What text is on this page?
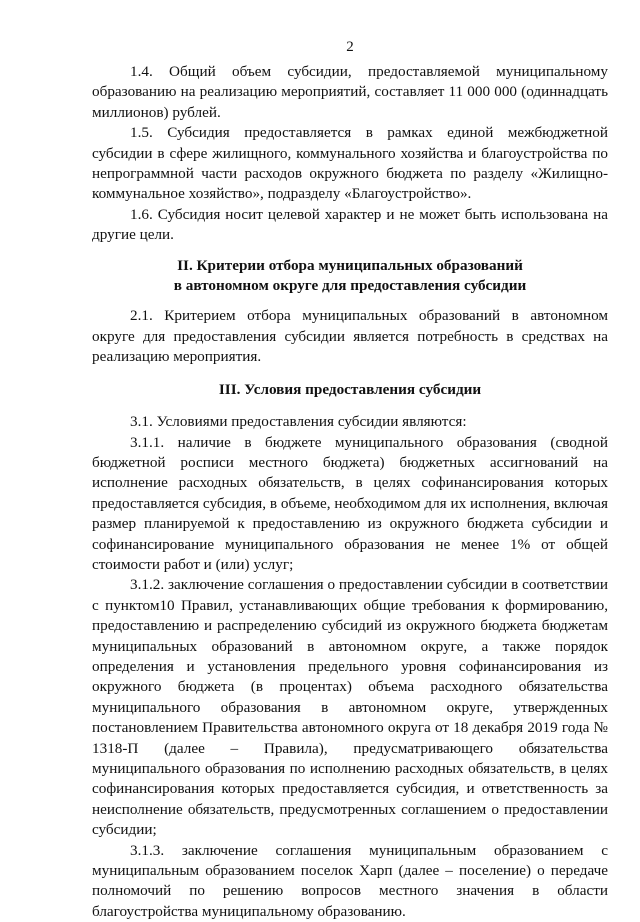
2

1.4. Общий объем субсидии, предоставляемой муниципальному образованию на реализацию мероприятий, составляет 11 000 000 (одиннадцать миллионов) рублей.

1.5. Субсидия предоставляется в рамках единой межбюджетной субсидии в сфере жилищного, коммунального хозяйства и благоустройства по непрограммной части расходов окружного бюджета по разделу «Жилищно-коммунальное хозяйство», подразделу «Благоустройство».

1.6. Субсидия носит целевой характер и не может быть использована на другие цели.

II. Критерии отбора муниципальных образований

в автономном округе для предоставления субсидии

2.1. Критерием отбора муниципальных образований в автономном округе для предоставления субсидии является потребность в средствах на реализацию мероприятия.

III. Условия предоставления субсидии

3.1. Условиями предоставления субсидии являются:

3.1.1. наличие в бюджете муниципального образования (сводной бюджетной росписи местного бюджета) бюджетных ассигнований на исполнение расходных обязательств, в целях софинансирования которых предоставляется субсидия, в объеме, необходимом для их исполнения, включая размер планируемой к предоставлению из окружного бюджета субсидии и софинансирование муниципального образования не менее 1% от общей стоимости работ и (или) услуг;

3.1.2. заключение соглашения о предоставлении субсидии в соответствии с пунктом10 Правил, устанавливающих общие требования к формированию, предоставлению и распределению субсидий из окружного бюджета бюджетам муниципальных образований в автономном округе, а также порядок определения и установления предельного уровня софинансирования из окружного бюджета (в процентах) объема расходного обязательства муниципального образования в автономном округе, утвержденных постановлением Правительства автономного округа от 18 декабря 2019 года № 1318-П (далее – Правила), предусматривающего обязательства муниципального образования по исполнению расходных обязательств, в целях софинансирования которых предоставляется субсидия, и ответственность за неисполнение обязательств, предусмотренных соглашением о предоставлении субсидии;

3.1.3. заключение соглашения муниципальным образованием с муниципальным образованием поселок Харп (далее – поселение) о передаче полномочий по решению вопросов местного значения в области благоустройства муниципальному образованию.
